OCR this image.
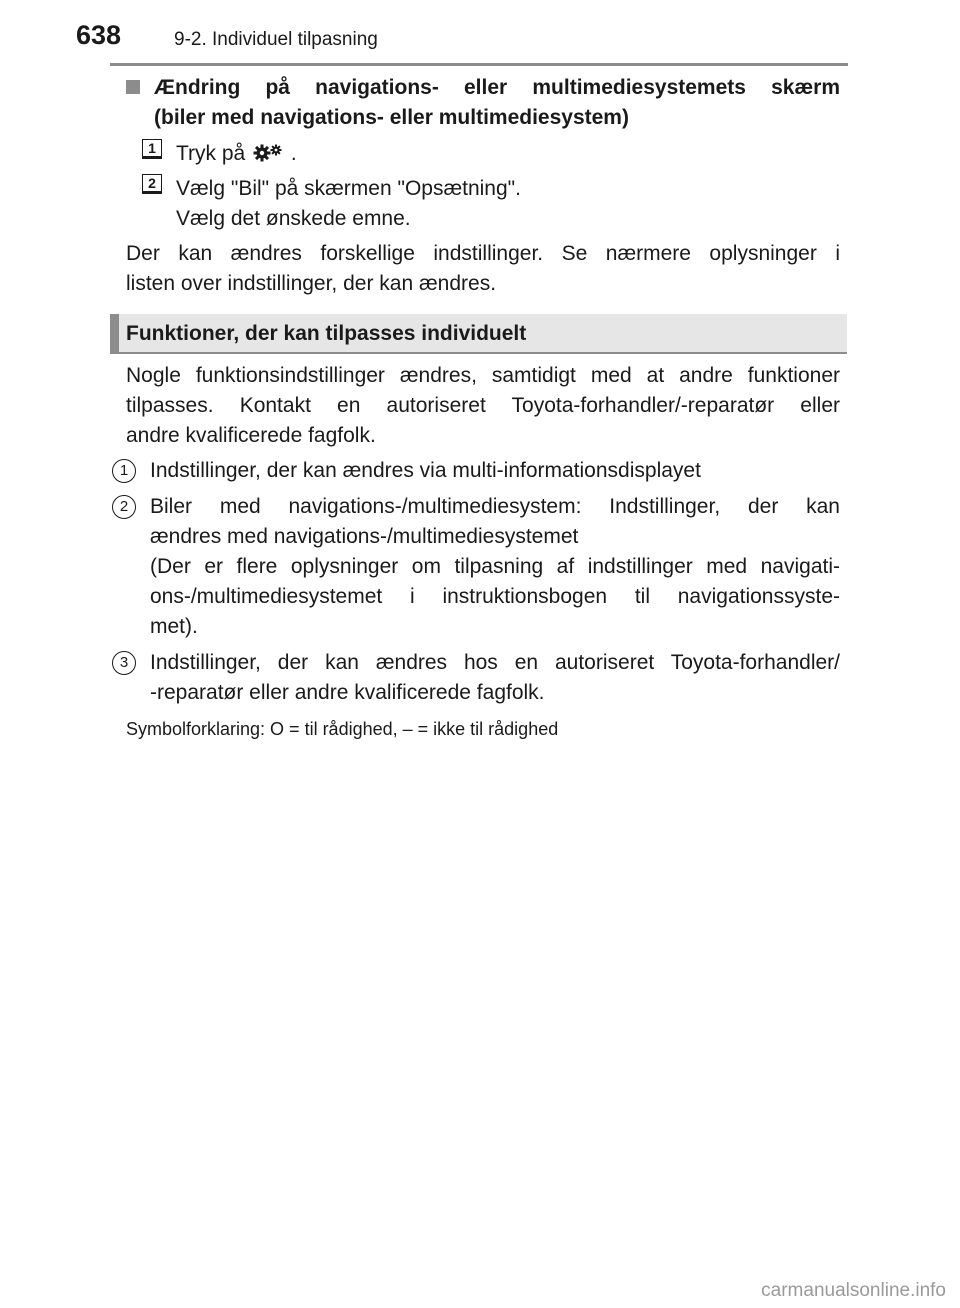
638	9-2. Individuel tilpasning
Ændring på navigations- eller multimediesystemets skærm
(biler med navigations- eller multimediesystem)
1 Tryk på .
2 Vælg "Bil" på skærmen "Opsætning".
Vælg det ønskede emne.
Der kan ændres forskellige indstillinger. Se nærmere oplysninger i
listen over indstillinger, der kan ændres.
Funktioner, der kan tilpasses individuelt
Nogle funktionsindstillinger ændres, samtidigt med at andre funktioner
tilpasses. Kontakt en autoriseret Toyota-forhandler/-reparatør eller
andre kvalificerede fagfolk.
1	Indstillinger, der kan ændres via multi-informationsdisplayet
2	Biler med navigations-/multimediesystem: Indstillinger, der kan
ændres med navigations-/multimediesystemet
(Der er flere oplysninger om tilpasning af indstillinger med navigati-
ons-/multimediesystemet i instruktionsbogen til navigationssyste-
met).
3	Indstillinger, der kan ændres hos en autoriseret Toyota-forhandler/
-reparatør eller andre kvalificerede fagfolk.
Symbolforklaring: O = til rådighed, – = ikke til rådighed
carmanualsonline.info
